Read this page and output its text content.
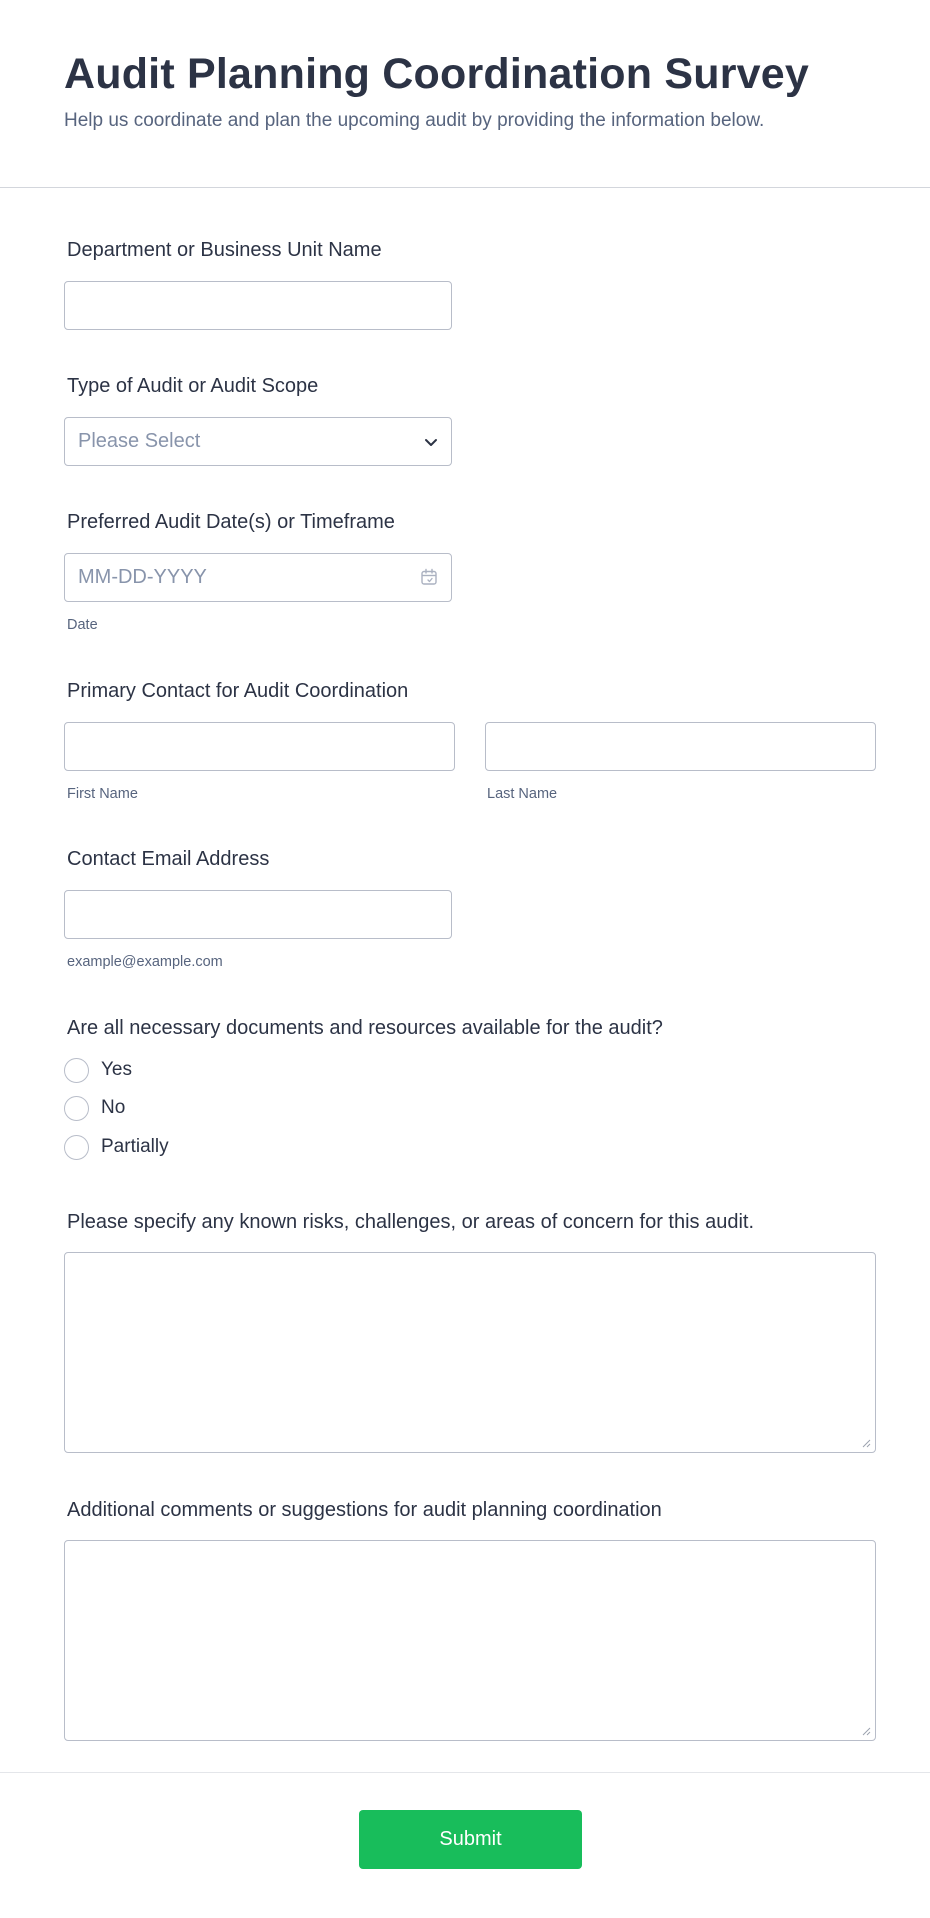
Audit Planning Coordination Survey
Help us coordinate and plan the upcoming audit by providing the information below.
Department or Business Unit Name
Type of Audit or Audit Scope
Please Select
Preferred Audit Date(s) or Timeframe
MM-DD-YYYY
Date
Primary Contact for Audit Coordination
First Name	Last Name
Contact Email Address
example@example.com
Are all necessary documents and resources available for the audit?
Yes
No
Partially
Please specify any known risks, challenges, or areas of concern for this audit.
Additional comments or suggestions for audit planning coordination
Submit
